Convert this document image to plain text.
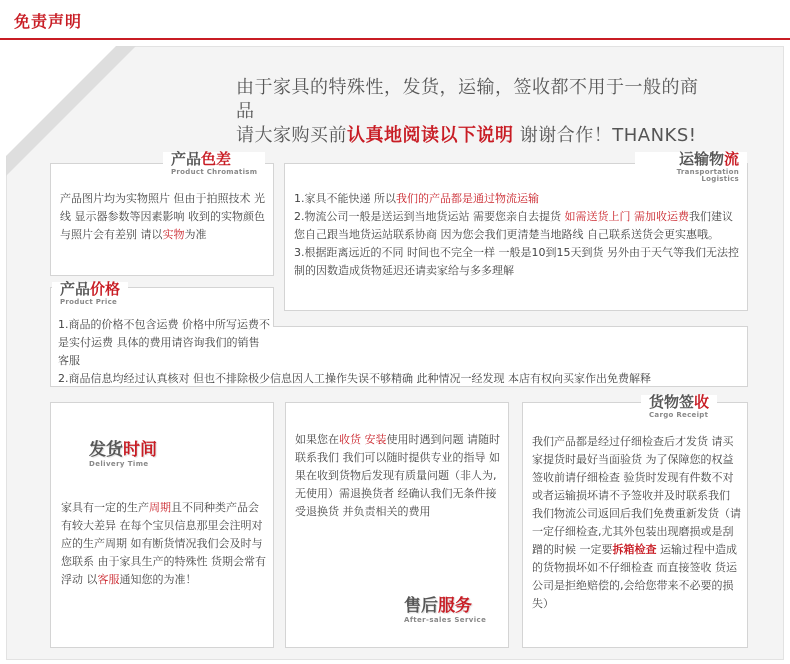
免责声明
由于家具的特殊性，发货，运输，签收都不用于一般的商品
请大家购买前认真地阅读以下说明 谢谢合作！THANKS!
产品色差
Product Chromatism
产品图片均为实物照片 但由于拍照技术 光线 显示器参数等因素影响 收到的实物颜色与照片会有差别 请以实物为准
运输物流
Transportation Logistics
1.家具不能快递 所以我们的产品都是通过物流运输
2.物流公司一般是送运到当地货运站 需要您亲自去提货 如需送货上门 需加收运费我们建议您自己跟当地货运站联系协商 因为您会我们更清楚当地路线 自己联系送货会更实惠哦。
3.根据距离远近的不同 时间也不完全一样 一般是10到15天到货 另外由于天气等我们无法控制的因数造成货物延迟还请卖家给与多多理解
产品价格
Product Price
1.商品的价格不包含运费 价格中所写运费不是实付运费 具体的费用请咨询我们的销售客服
2.商品信息均经过认真核对 但也不排除极少信息因人工操作失误不够精确 此种情况一经发现 本店有权向买家作出免费解释
发货时间
Delivery Time
家具有一定的生产周期且不同种类产品会有较大差异 在每个宝贝信息那里会注明对应的生产周期 如有断货情况我们会及时与您联系 由于家具生产的特殊性 货期会常有浮动 以客服通知您的为准！
如果您在收货 安装使用时遇到问题 请随时联系我们 我们可以随时提供专业的指导 如果在收到货物后发现有质量问题（非人为,无使用）需退换货者 经确认我们无条件接受退换货 并负责相关的费用
售后服务
After-sales Service
货物签收
Cargo Receipt
我们产品都是经过仔细检查后才发货 请买家提货时最好当面验货 为了保障您的权益 签收前请仔细检查 验货时发现有件数不对或者运输损坏请不予签收并及时联系我们 我们物流公司返回后我们免费重新发货（请一定仔细检查,尤其外包装出现磨损或是刮蹭的时候 一定要拆箱检查 运输过程中造成的货物损坏如不仔细检查 而直接签收 货运公司是拒绝赔偿的,会给您带来不必要的损失）
